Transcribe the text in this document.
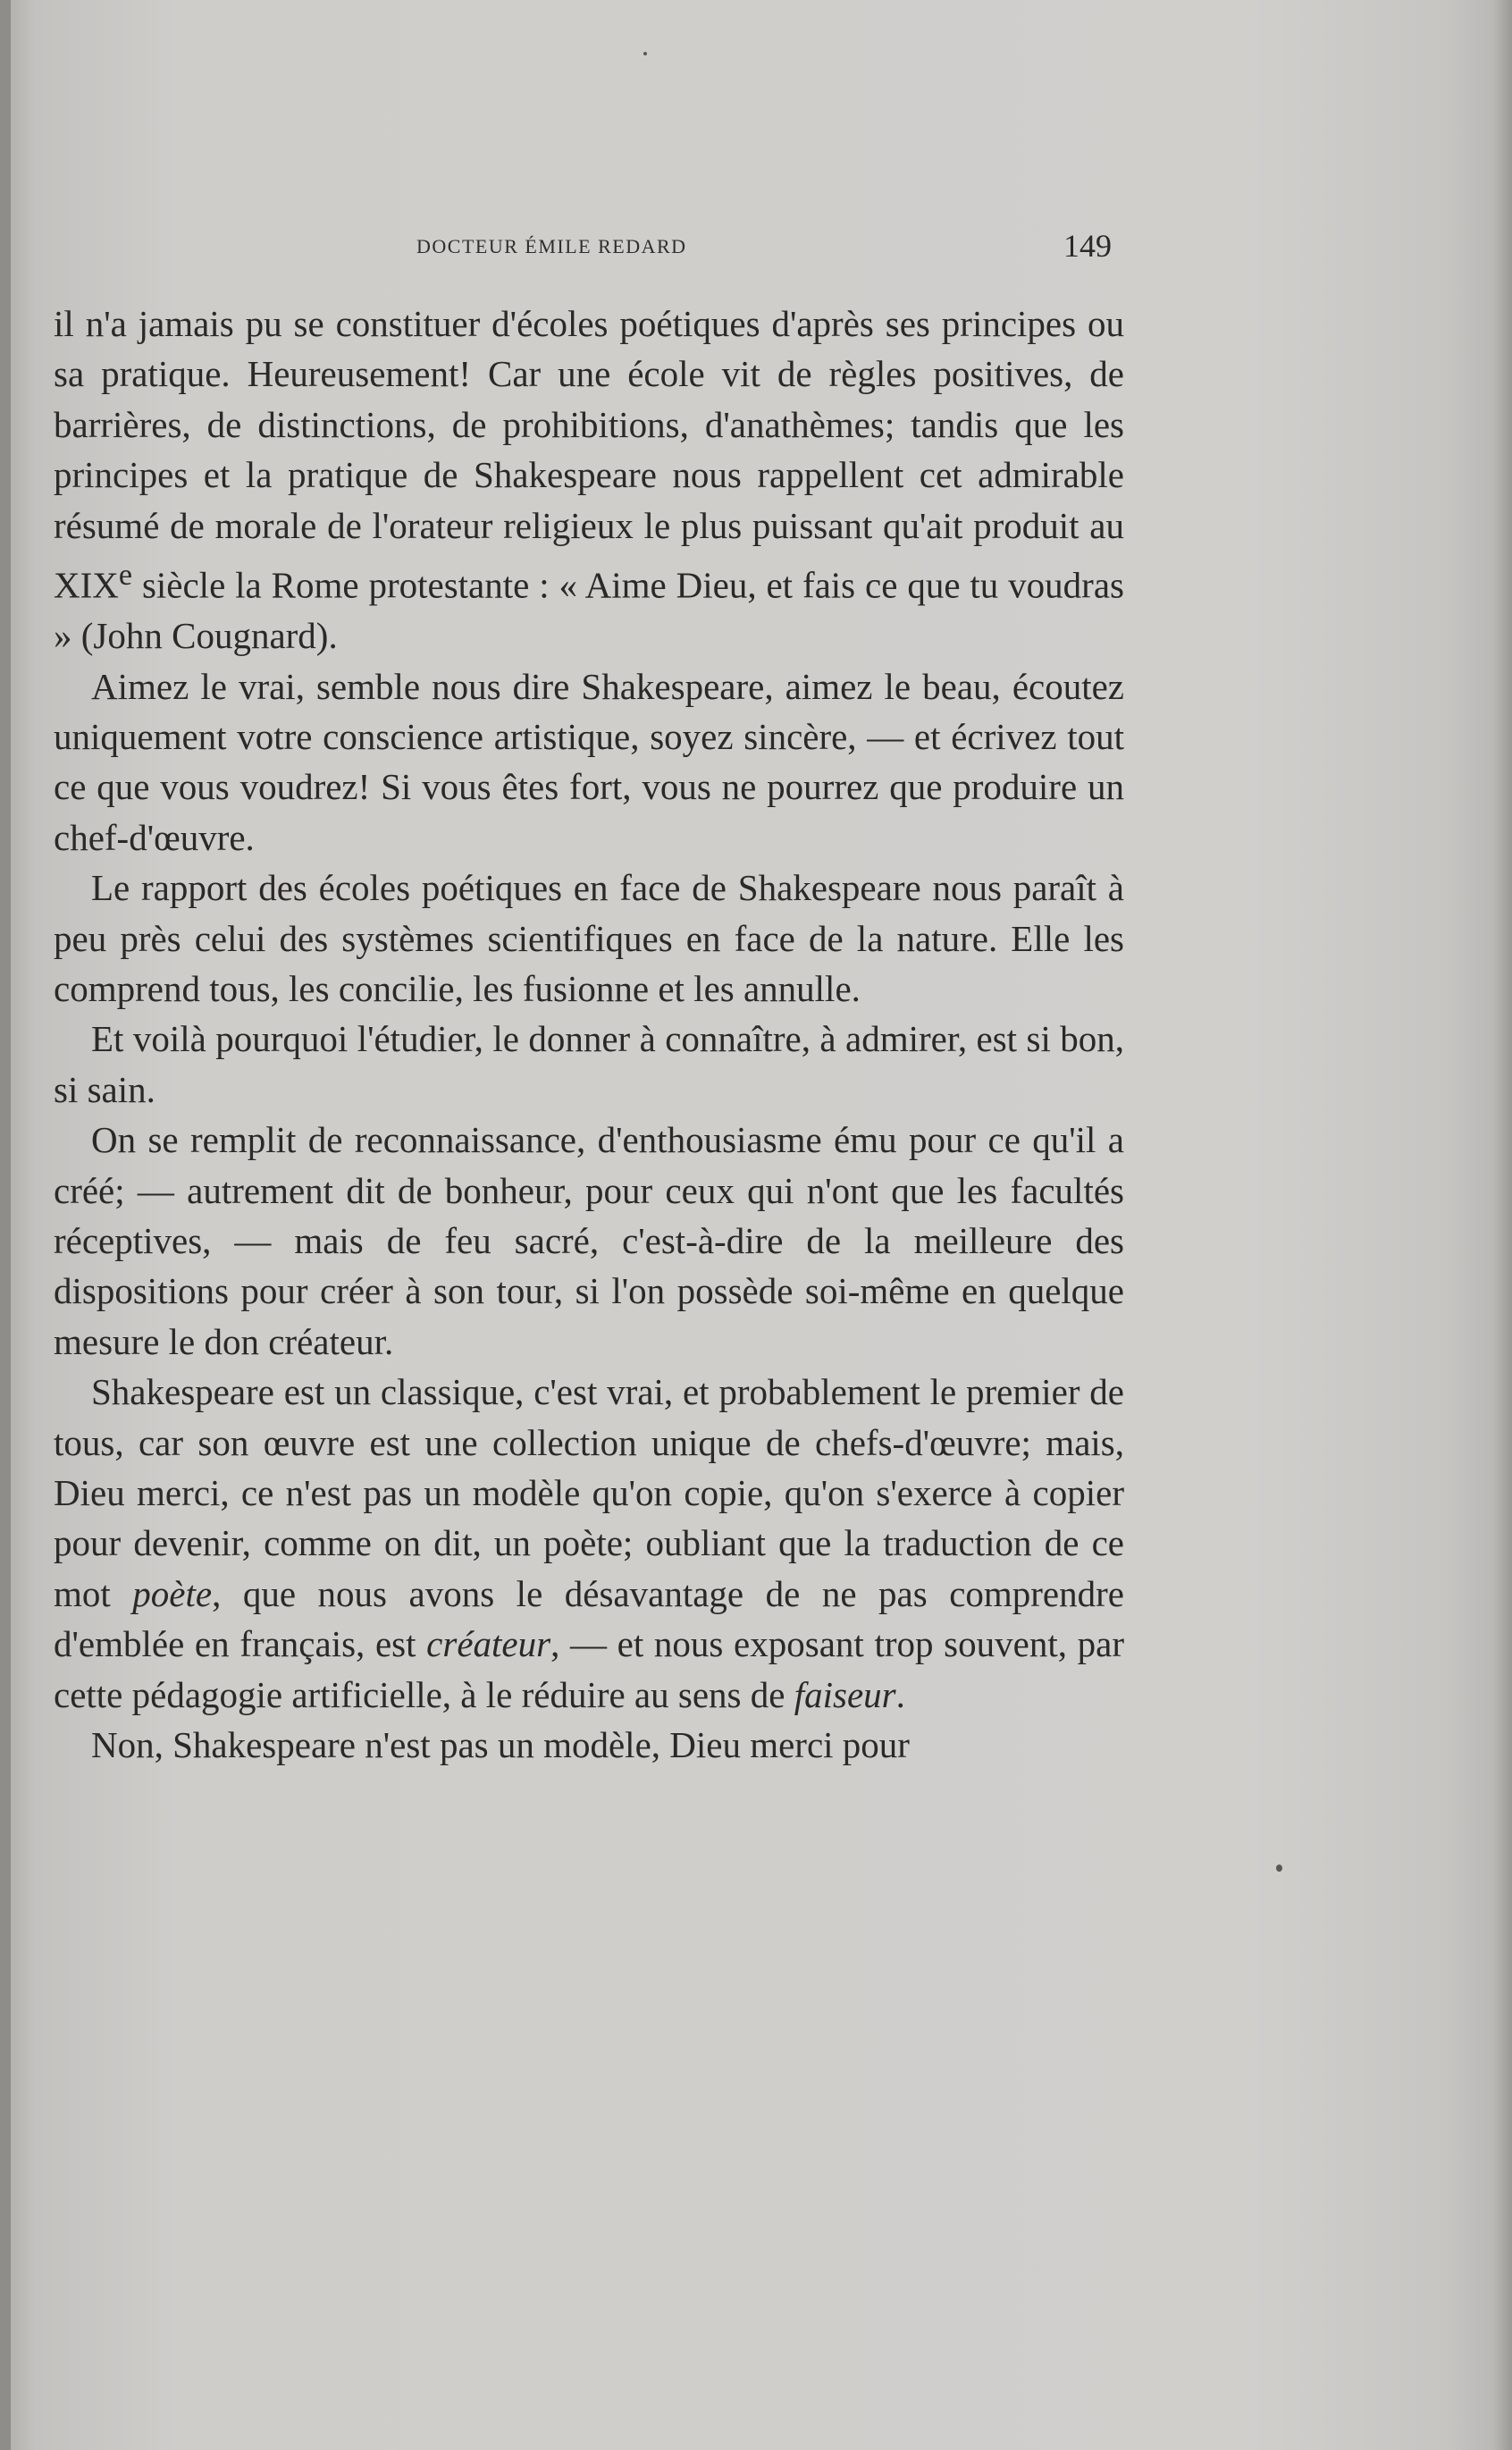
DOCTEUR ÉMILE REDARD	149

il n'a jamais pu se constituer d'écoles poétiques d'après ses principes ou sa pratique. Heureusement! Car une école vit de règles positives, de barrières, de distinctions, de prohibitions, d'anathèmes; tandis que les principes et la pratique de Shakespeare nous rappellent cet admirable résumé de morale de l'orateur religieux le plus puissant qu'ait produit au XIXe siècle la Rome protestante : « Aime Dieu, et fais ce que tu voudras » (John Cougnard).

Aimez le vrai, semble nous dire Shakespeare, aimez le beau, écoutez uniquement votre conscience artistique, soyez sincère, — et écrivez tout ce que vous voudrez! Si vous êtes fort, vous ne pourrez que produire un chef-d'œuvre.

Le rapport des écoles poétiques en face de Shakespeare nous paraît à peu près celui des systèmes scientifiques en face de la nature. Elle les comprend tous, les concilie, les fusionne et les annulle.

Et voilà pourquoi l'étudier, le donner à connaître, à admirer, est si bon, si sain.

On se remplit de reconnaissance, d'enthousiasme ému pour ce qu'il a créé; — autrement dit de bonheur, pour ceux qui n'ont que les facultés réceptives, — mais de feu sacré, c'est-à-dire de la meilleure des dispositions pour créer à son tour, si l'on possède soi-même en quelque mesure le don créateur.

Shakespeare est un classique, c'est vrai, et probablement le premier de tous, car son œuvre est une collection unique de chefs-d'œuvre; mais, Dieu merci, ce n'est pas un modèle qu'on copie, qu'on s'exerce à copier pour devenir, comme on dit, un poète; oubliant que la traduction de ce mot poète, que nous avons le désavantage de ne pas comprendre d'emblée en français, est créateur, — et nous exposant trop souvent, par cette pédagogie artificielle, à le réduire au sens de faiseur.

Non, Shakespeare n'est pas un modèle, Dieu merci pour
